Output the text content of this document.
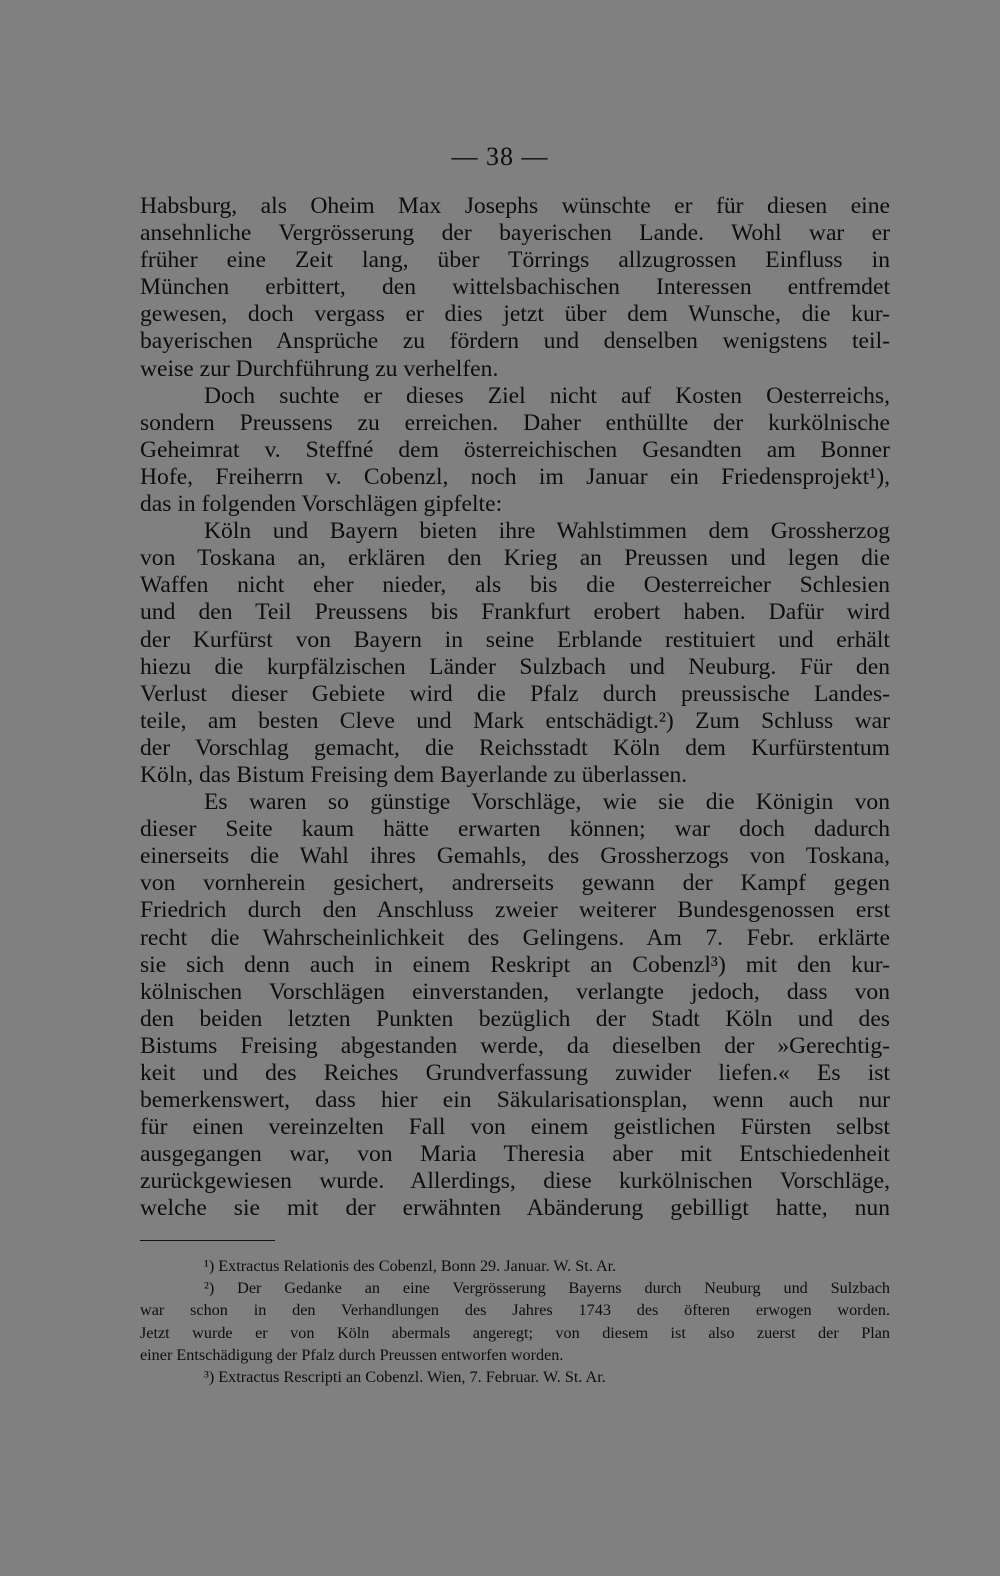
— 38 —
Habsburg, als Oheim Max Josephs wünschte er für diesen eine
ansehnliche Vergrösserung der bayerischen Lande. Wohl war er
früher eine Zeit lang, über Törrings allzugrossen Einfluss in
München erbittert, den wittelsbachischen Interessen entfremdet
gewesen, doch vergass er dies jetzt über dem Wunsche, die kur-
bayerischen Ansprüche zu fördern und denselben wenigstens teil-
weise zur Durchführung zu verhelfen.
Doch suchte er dieses Ziel nicht auf Kosten Oesterreichs,
sondern Preussens zu erreichen. Daher enthüllte der kurkölnische
Geheimrat v. Steffné dem österreichischen Gesandten am Bonner
Hofe, Freiherrn v. Cobenzl, noch im Januar ein Friedensprojekt¹),
das in folgenden Vorschlägen gipfelte:
Köln und Bayern bieten ihre Wahlstimmen dem Grossherzog
von Toskana an, erklären den Krieg an Preussen und legen die
Waffen nicht eher nieder, als bis die Oesterreicher Schlesien
und den Teil Preussens bis Frankfurt erobert haben. Dafür wird
der Kurfürst von Bayern in seine Erblande restituiert und erhält
hiezu die kurpfälzischen Länder Sulzbach und Neuburg. Für den
Verlust dieser Gebiete wird die Pfalz durch preussische Landes-
teile, am besten Cleve und Mark entschädigt.²) Zum Schluss war
der Vorschlag gemacht, die Reichsstadt Köln dem Kurfürstentum
Köln, das Bistum Freising dem Bayerlande zu überlassen.
Es waren so günstige Vorschläge, wie sie die Königin von
dieser Seite kaum hätte erwarten können; war doch dadurch
einerseits die Wahl ihres Gemahls, des Grossherzogs von Toskana,
von vornherein gesichert, andrerseits gewann der Kampf gegen
Friedrich durch den Anschluss zweier weiterer Bundesgenossen erst
recht die Wahrscheinlichkeit des Gelingens. Am 7. Febr. erklärte
sie sich denn auch in einem Reskript an Cobenzl³) mit den kur-
kölnischen Vorschlägen einverstanden, verlangte jedoch, dass von
den beiden letzten Punkten bezüglich der Stadt Köln und des
Bistums Freising abgestanden werde, da dieselben der »Gerechtig-
keit und des Reiches Grundverfassung zuwider liefen.« Es ist
bemerkenswert, dass hier ein Säkularisationsplan, wenn auch nur
für einen vereinzelten Fall von einem geistlichen Fürsten selbst
ausgegangen war, von Maria Theresia aber mit Entschiedenheit
zurückgewiesen wurde. Allerdings, diese kurkölnischen Vorschläge,
welche sie mit der erwähnten Abänderung gebilligt hatte, nun
¹) Extractus Relationis des Cobenzl, Bonn 29. Januar. W. St. Ar.
²) Der Gedanke an eine Vergrösserung Bayerns durch Neuburg und Sulzbach
war schon in den Verhandlungen des Jahres 1743 des öfteren erwogen worden.
Jetzt wurde er von Köln abermals angeregt; von diesem ist also zuerst der Plan
einer Entschädigung der Pfalz durch Preussen entworfen worden.
³) Extractus Rescripti an Cobenzl. Wien, 7. Februar. W. St. Ar.
